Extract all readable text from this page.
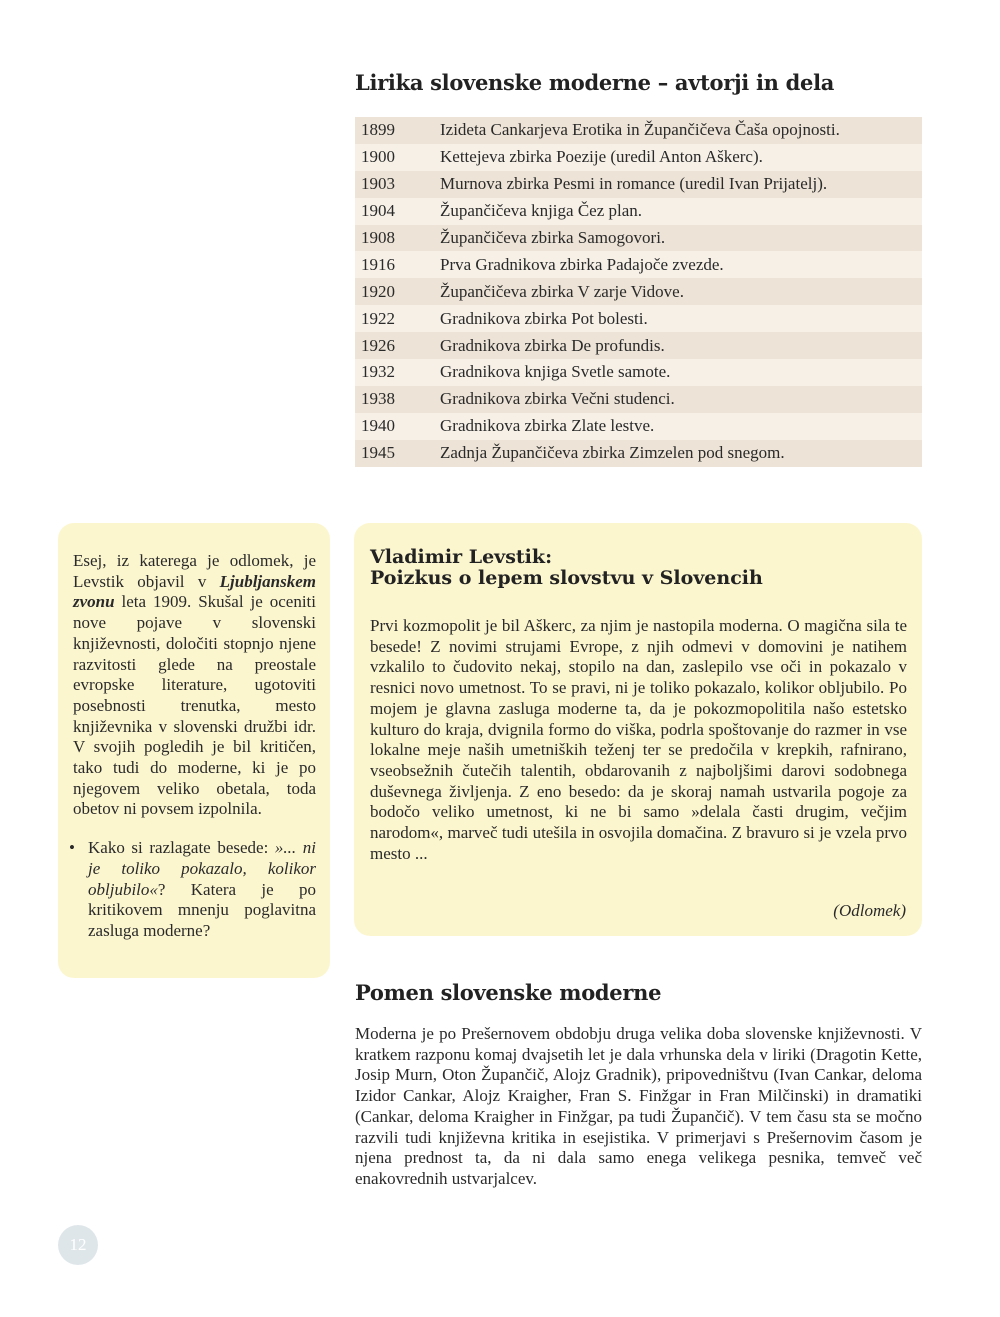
Lirika slovenske moderne – avtorji in dela
1899	Izideta Cankarjeva Erotika in Župančičeva Čaša opojnosti.
1900	Kettejeva zbirka Poezije (uredil Anton Aškerc).
1903	Murnova zbirka Pesmi in romance (uredil Ivan Prijatelj).
1904	Župančičeva knjiga Čez plan.
1908	Župančičeva zbirka Samogovori.
1916	Prva Gradnikova zbirka Padajoče zvezde.
1920	Župančičeva zbirka V zarje Vidove.
1922	Gradnikova zbirka Pot bolesti.
1926	Gradnikova zbirka De profundis.
1932	Gradnikova knjiga Svetle samote.
1938	Gradnikova zbirka Večni studenci.
1940	Gradnikova zbirka Zlate lestve.
1945	Zadnja Župančičeva zbirka Zimzelen pod snegom.

Esej, iz katerega je odlomek, je Levstik objavil v Ljubljanskem zvonu leta 1909. Skušal je oceniti nove pojave v slovenski književnosti, določiti stopnjo njene razvitosti glede na preostale evropske literature, ugotoviti posebnosti trenutka, mesto književnika v slovenski družbi idr. V svojih pogledih je bil kritičen, tako tudi do moderne, ki je po njegovem veliko obetala, toda obetov ni povsem izpolnila.

• Kako si razlagate besede: »... ni je toliko pokazalo, kolikor obljubilo«? Katera je po kritikovem mnenju poglavitna zasluga moderne?
Vladimir Levstik:
Poizkus o lepem slovstvu v Slovencih

Prvi kozmopolit je bil Aškerc, za njim je nastopila moderna. O magična sila te besede! Z novimi strujami Evrope, z njih odmevi v domovini je natihem vzkalilo to čudovito nekaj, stopilo na dan, zaslepilo vse oči in pokazalo v resnici novo umetnost. To se pravi, ni je toliko pokazalo, kolikor obljubilo. Po mojem je glavna zasluga moderne ta, da je pokozmopolitila našo estetsko kulturo do kraja, dvignila formo do viška, podrla spoštovanje do razmer in vse lokalne meje naših umetniških teženj ter se predočila v krepkih, rafnirano, vseobsežnih čutečih talentih, obdarovanih z najboljšimi darovi sodobnega duševnega življenja. Z eno besedo: da je skoraj namah ustvarila pogoje za bodočo veliko umetnost, ki ne bi samo »delala časti drugim, večjim narodom«, marveč tudi utešila in osvojila domačina. Z bravuro si je vzela prvo mesto ...

(Odlomek)
Pomen slovenske moderne

Moderna je po Prešernovem obdobju druga velika doba slovenske književnosti. V kratkem razponu komaj dvajsetih let je dala vrhunska dela v liriki (Dragotin Kette, Josip Murn, Oton Župančič, Alojz Gradnik), pripovedništvu (Ivan Cankar, deloma Izidor Cankar, Alojz Kraigher, Fran S. Finžgar in Fran Milčinski) in dramatiki (Cankar, deloma Kraigher in Finžgar, pa tudi Župančič). V tem času sta se močno razvili tudi književna kritika in esejistika. V primerjavi s Prešernovim časom je njena prednost ta, da ni dala samo enega velikega pesnika, temveč več enakovrednih ustvarjalcev.

12
